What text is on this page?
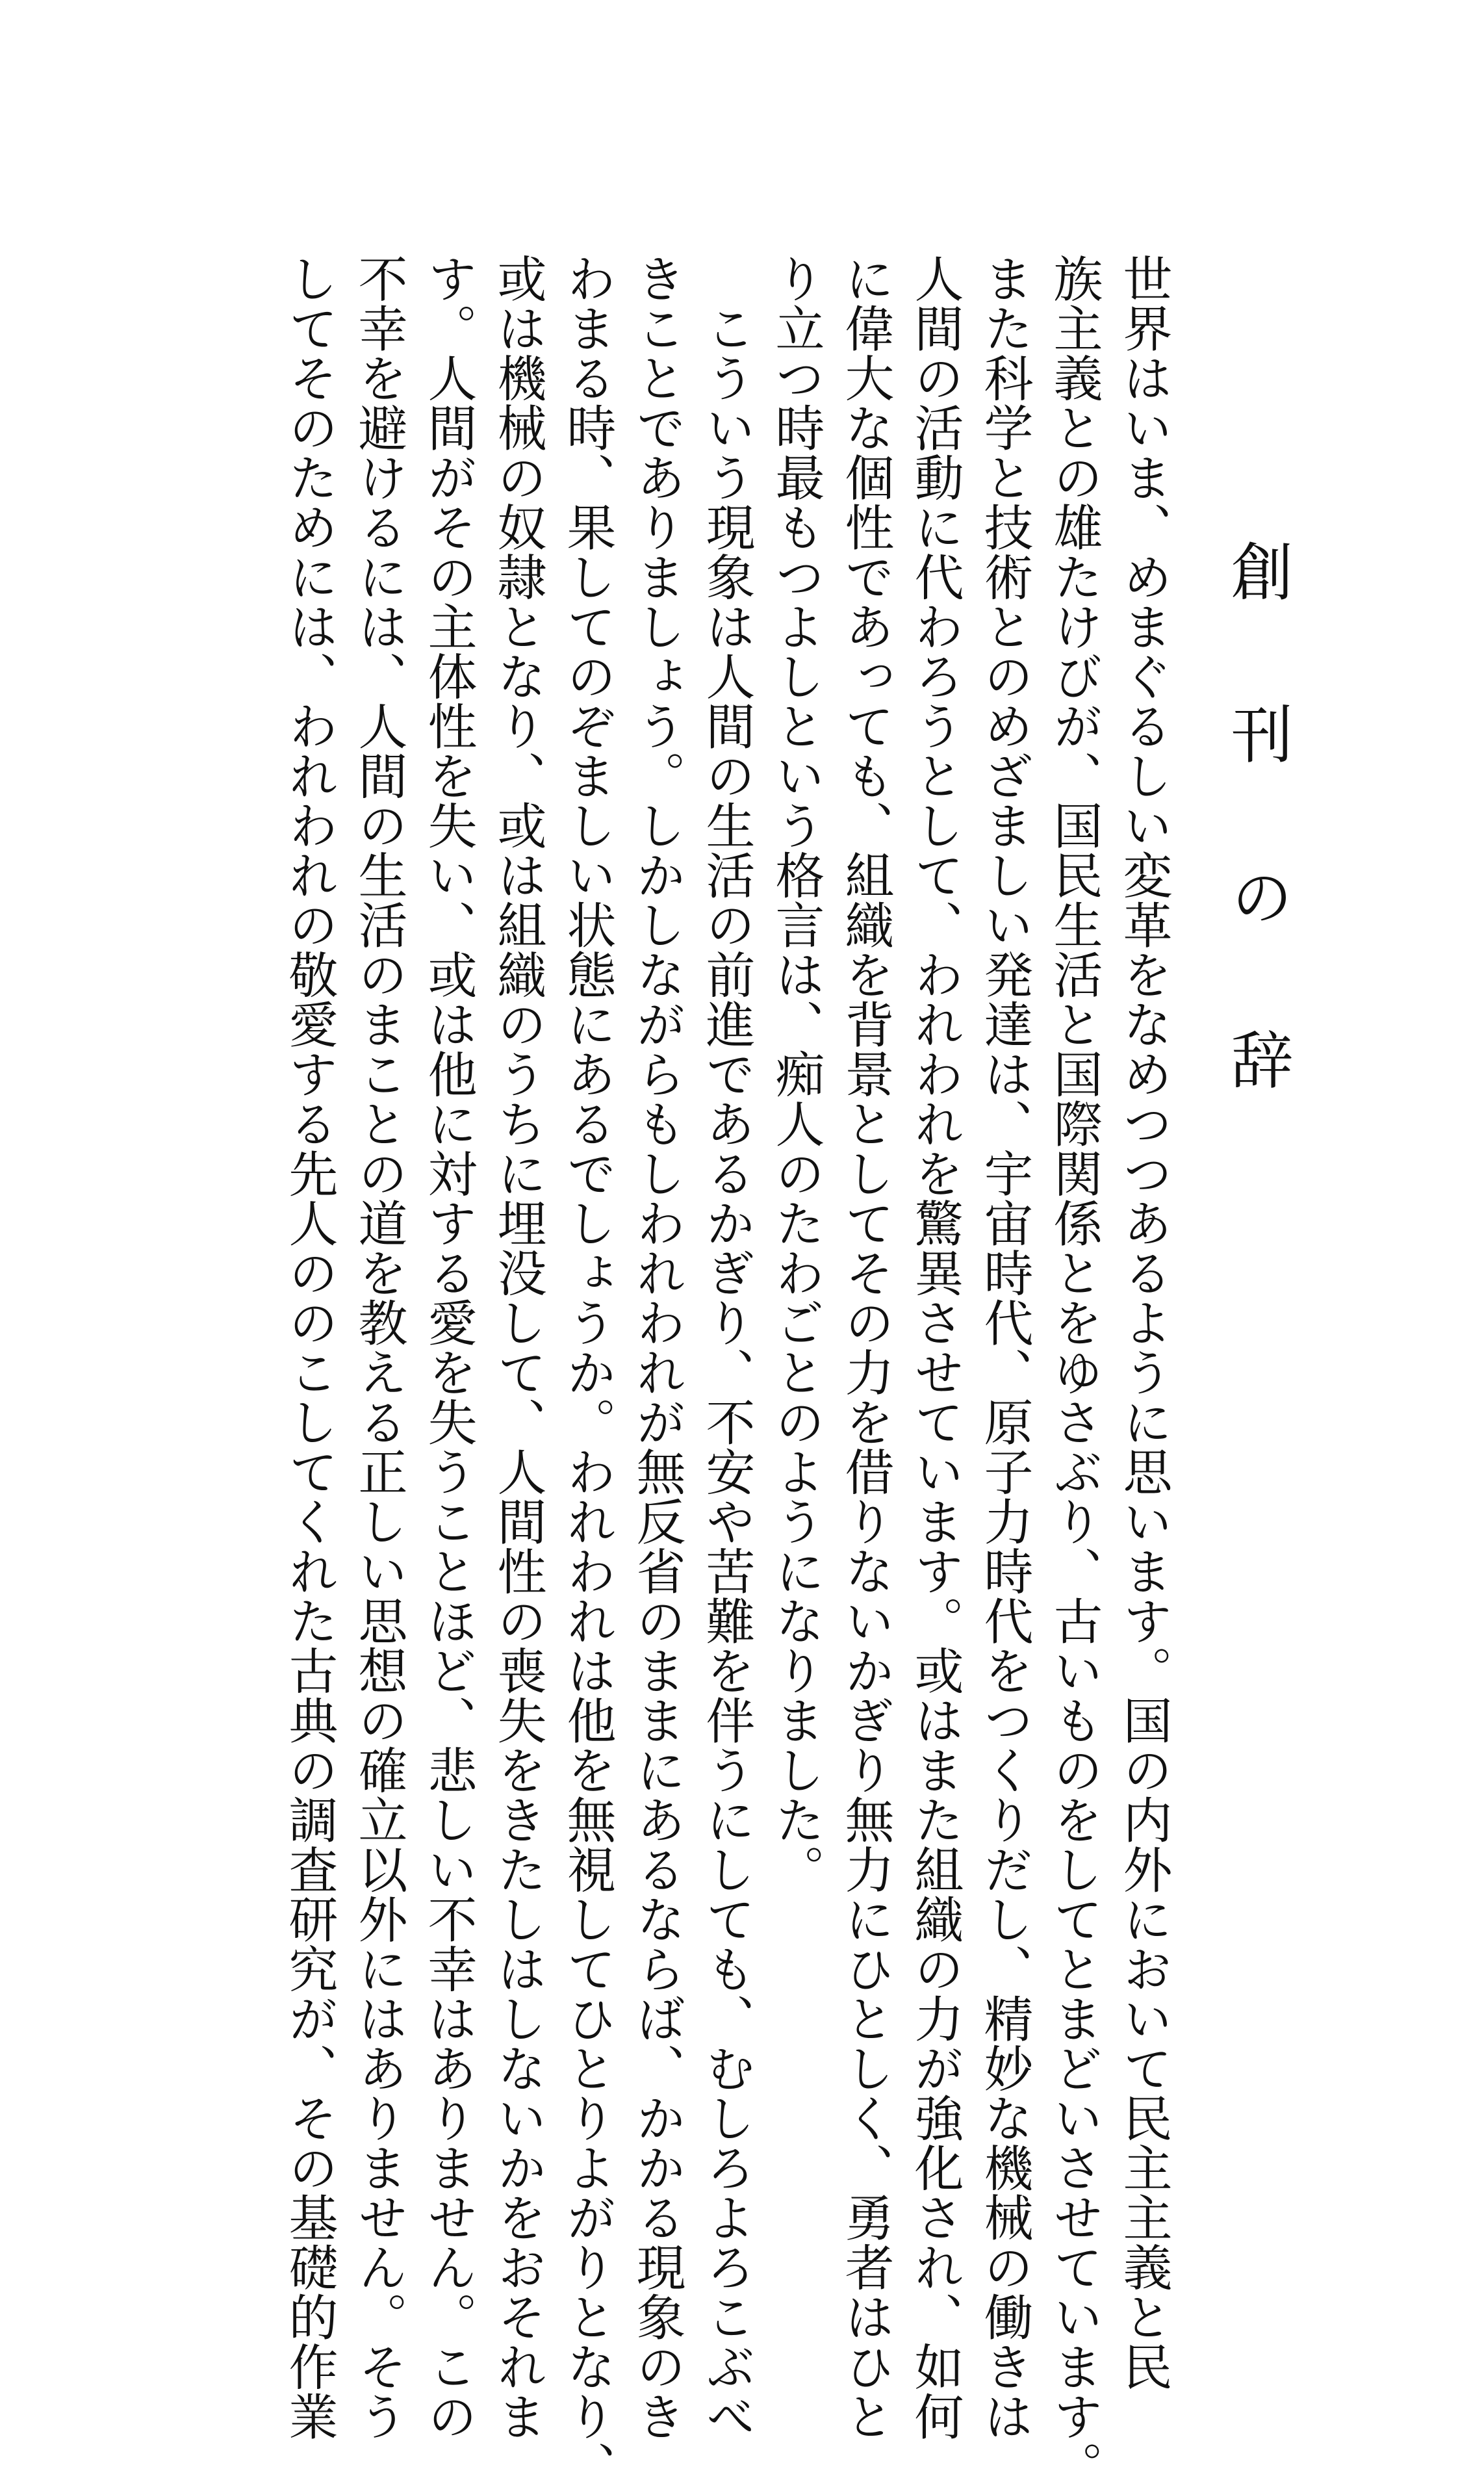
創 刊 の 辞
世界はいま、めまぐるしい変革をなめつつあるように思います。国の内外において民主主義と民
族主義との雄たけびが、国民生活と国際関係とをゆさぶり、古いものをしてとまどいさせています。
また科学と技術とのめざましい発達は、宇宙時代、原子力時代をつくりだし、精妙な機械の働きは
人間の活動に代わろうとして、われわれを驚異させています。或はまた組織の力が強化され、如何
に偉大な個性であっても、組織を背景としてその力を借りないかぎり無力にひとしく、勇者はひと
り立つ時最もつよしという格言は、痴人のたわごとのようになりました。
　こういう現象は人間の生活の前進であるかぎり、不安や苦難を伴うにしても、むしろよろこぶべ
きことでありましょう。しかしながらもしわれわれが無反省のままにあるならば、かかる現象のき
わまる時、果してのぞましい状態にあるでしょうか。われわれは他を無視してひとりよがりとなり、
或は機械の奴隷となり、或は組織のうちに埋没して、人間性の喪失をきたしはしないかをおそれま
す。人間がその主体性を失い、或は他に対する愛を失うことほど、悲しい不幸はありません。この
不幸を避けるには、人間の生活のまことの道を教える正しい思想の確立以外にはありません。そう
してそのためには、われわれの敬愛する先人ののこしてくれた古典の調査研究が、その基礎的作業
